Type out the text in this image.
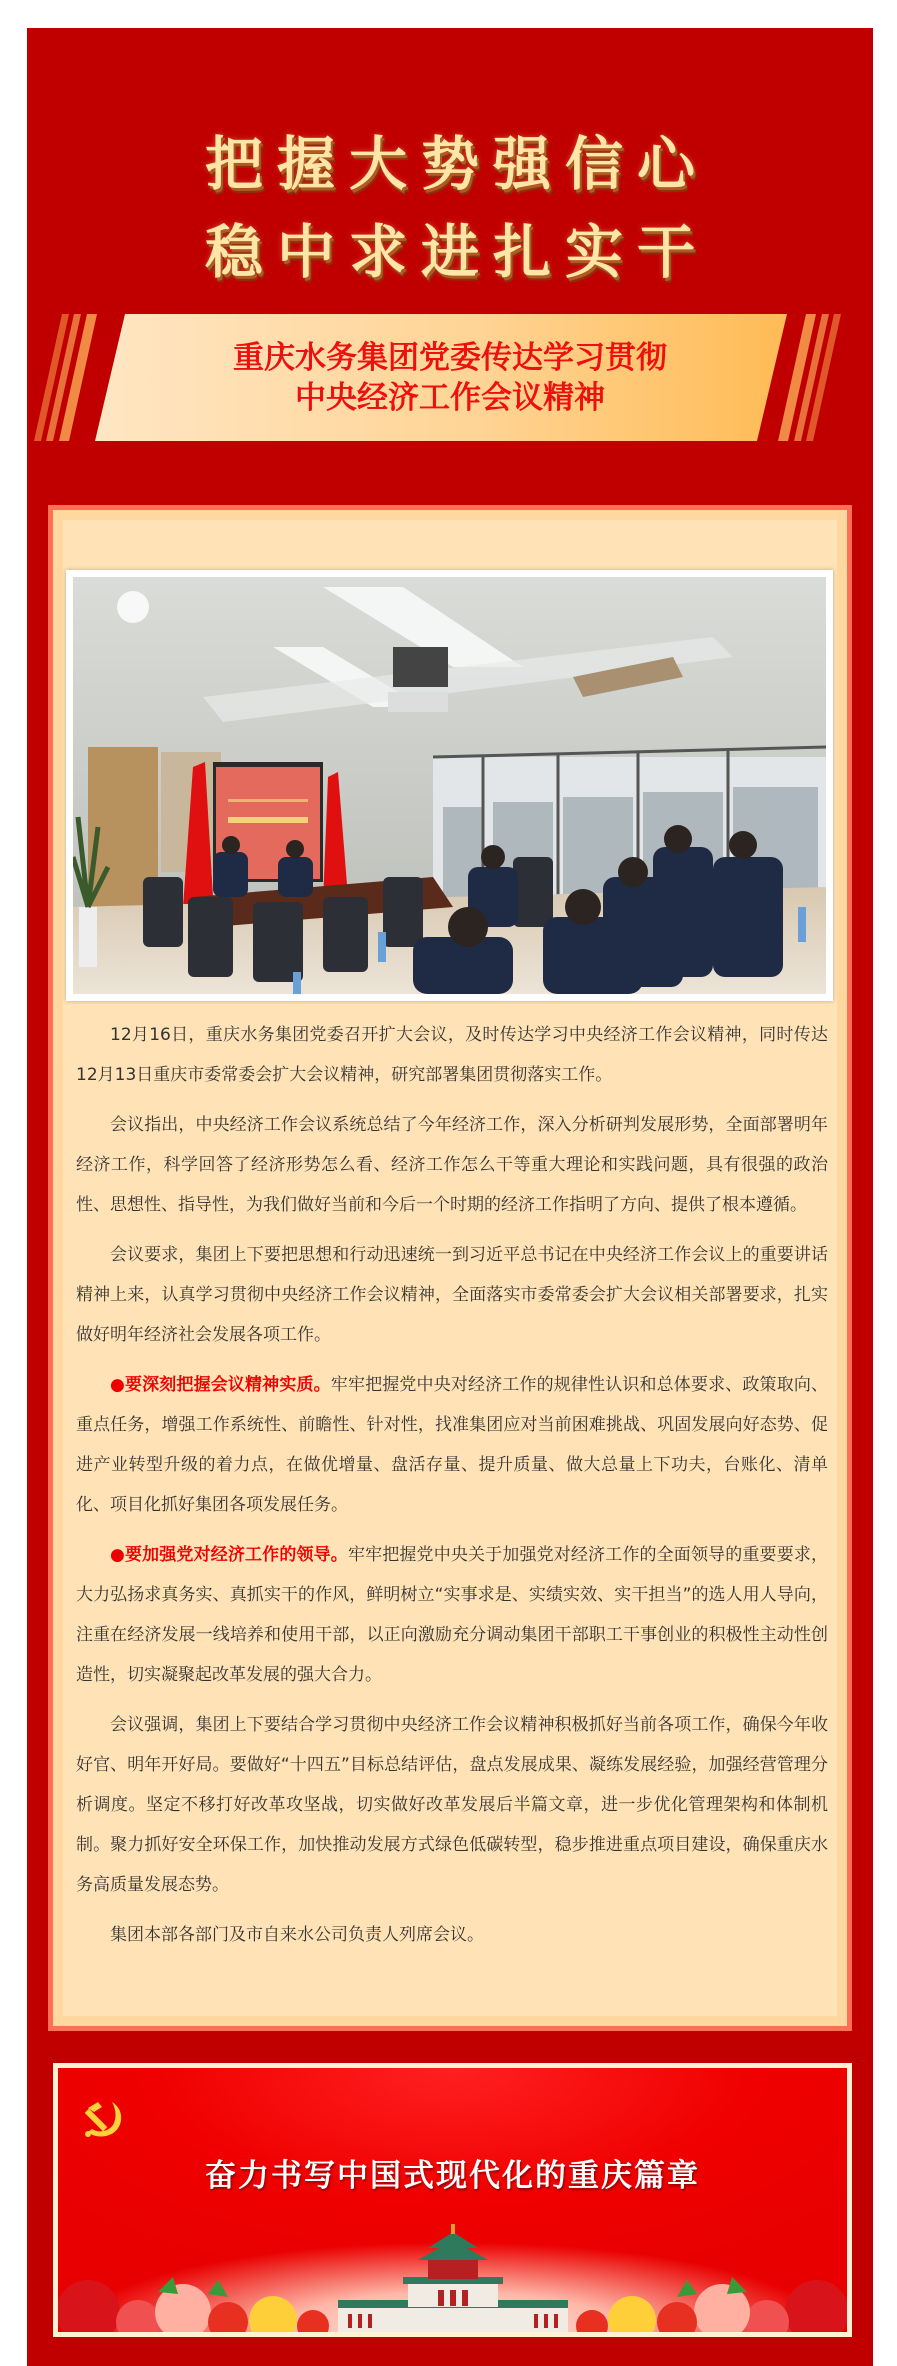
把握大势强信心
稳中求进扎实干
重庆水务集团党委传达学习贯彻
中央经济工作会议精神

12月16日，重庆水务集团党委召开扩大会议，及时传达学习中央经济工作会议精神，同时传达12月13日重庆市委常委会扩大会议精神，研究部署集团贯彻落实工作。

会议指出，中央经济工作会议系统总结了今年经济工作，深入分析研判发展形势，全面部署明年经济工作，科学回答了经济形势怎么看、经济工作怎么干等重大理论和实践问题，具有很强的政治性、思想性、指导性，为我们做好当前和今后一个时期的经济工作指明了方向、提供了根本遵循。

会议要求，集团上下要把思想和行动迅速统一到习近平总书记在中央经济工作会议上的重要讲话精神上来，认真学习贯彻中央经济工作会议精神，全面落实市委常委会扩大会议相关部署要求，扎实做好明年经济社会发展各项工作。

●要深刻把握会议精神实质。牢牢把握党中央对经济工作的规律性认识和总体要求、政策取向、重点任务，增强工作系统性、前瞻性、针对性，找准集团应对当前困难挑战、巩固发展向好态势、促进产业转型升级的着力点，在做优增量、盘活存量、提升质量、做大总量上下功夫，台账化、清单化、项目化抓好集团各项发展任务。

●要加强党对经济工作的领导。牢牢把握党中央关于加强党对经济工作的全面领导的重要要求，大力弘扬求真务实、真抓实干的作风，鲜明树立“实事求是、实绩实效、实干担当”的选人用人导向，注重在经济发展一线培养和使用干部，以正向激励充分调动集团干部职工干事创业的积极性主动性创造性，切实凝聚起改革发展的强大合力。

会议强调，集团上下要结合学习贯彻中央经济工作会议精神积极抓好当前各项工作，确保今年收好官、明年开好局。要做好“十四五”目标总结评估，盘点发展成果、凝练发展经验，加强经营管理分析调度。坚定不移打好改革攻坚战，切实做好改革发展后半篇文章，进一步优化管理架构和体制机制。聚力抓好安全环保工作，加快推动发展方式绿色低碳转型，稳步推进重点项目建设，确保重庆水务高质量发展态势。

集团本部各部门及市自来水公司负责人列席会议。

奋力书写中国式现代化的重庆篇章
